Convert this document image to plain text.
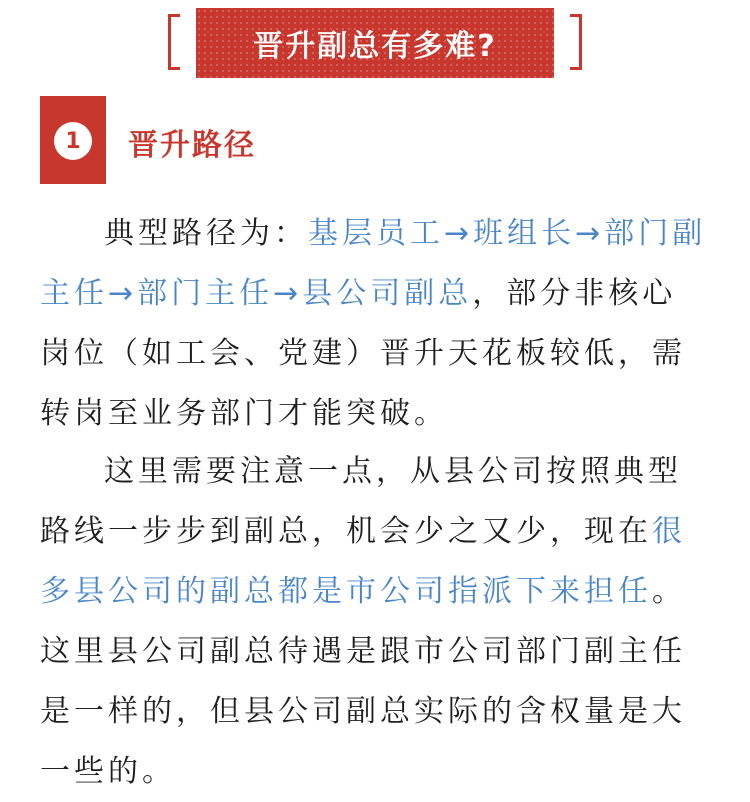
晋升副总有多难?
1	晋升路径

典型路径为：基层员工→班组长→部门副主任→部门主任→县公司副总，部分非核心岗位（如工会、党建）晋升天花板较低，需转岗至业务部门才能突破。

这里需要注意一点，从县公司按照典型路线一步步到副总，机会少之又少，现在很多县公司的副总都是市公司指派下来担任。这里县公司副总待遇是跟市公司部门副主任是一样的，但县公司副总实际的含权量是大一些的。
